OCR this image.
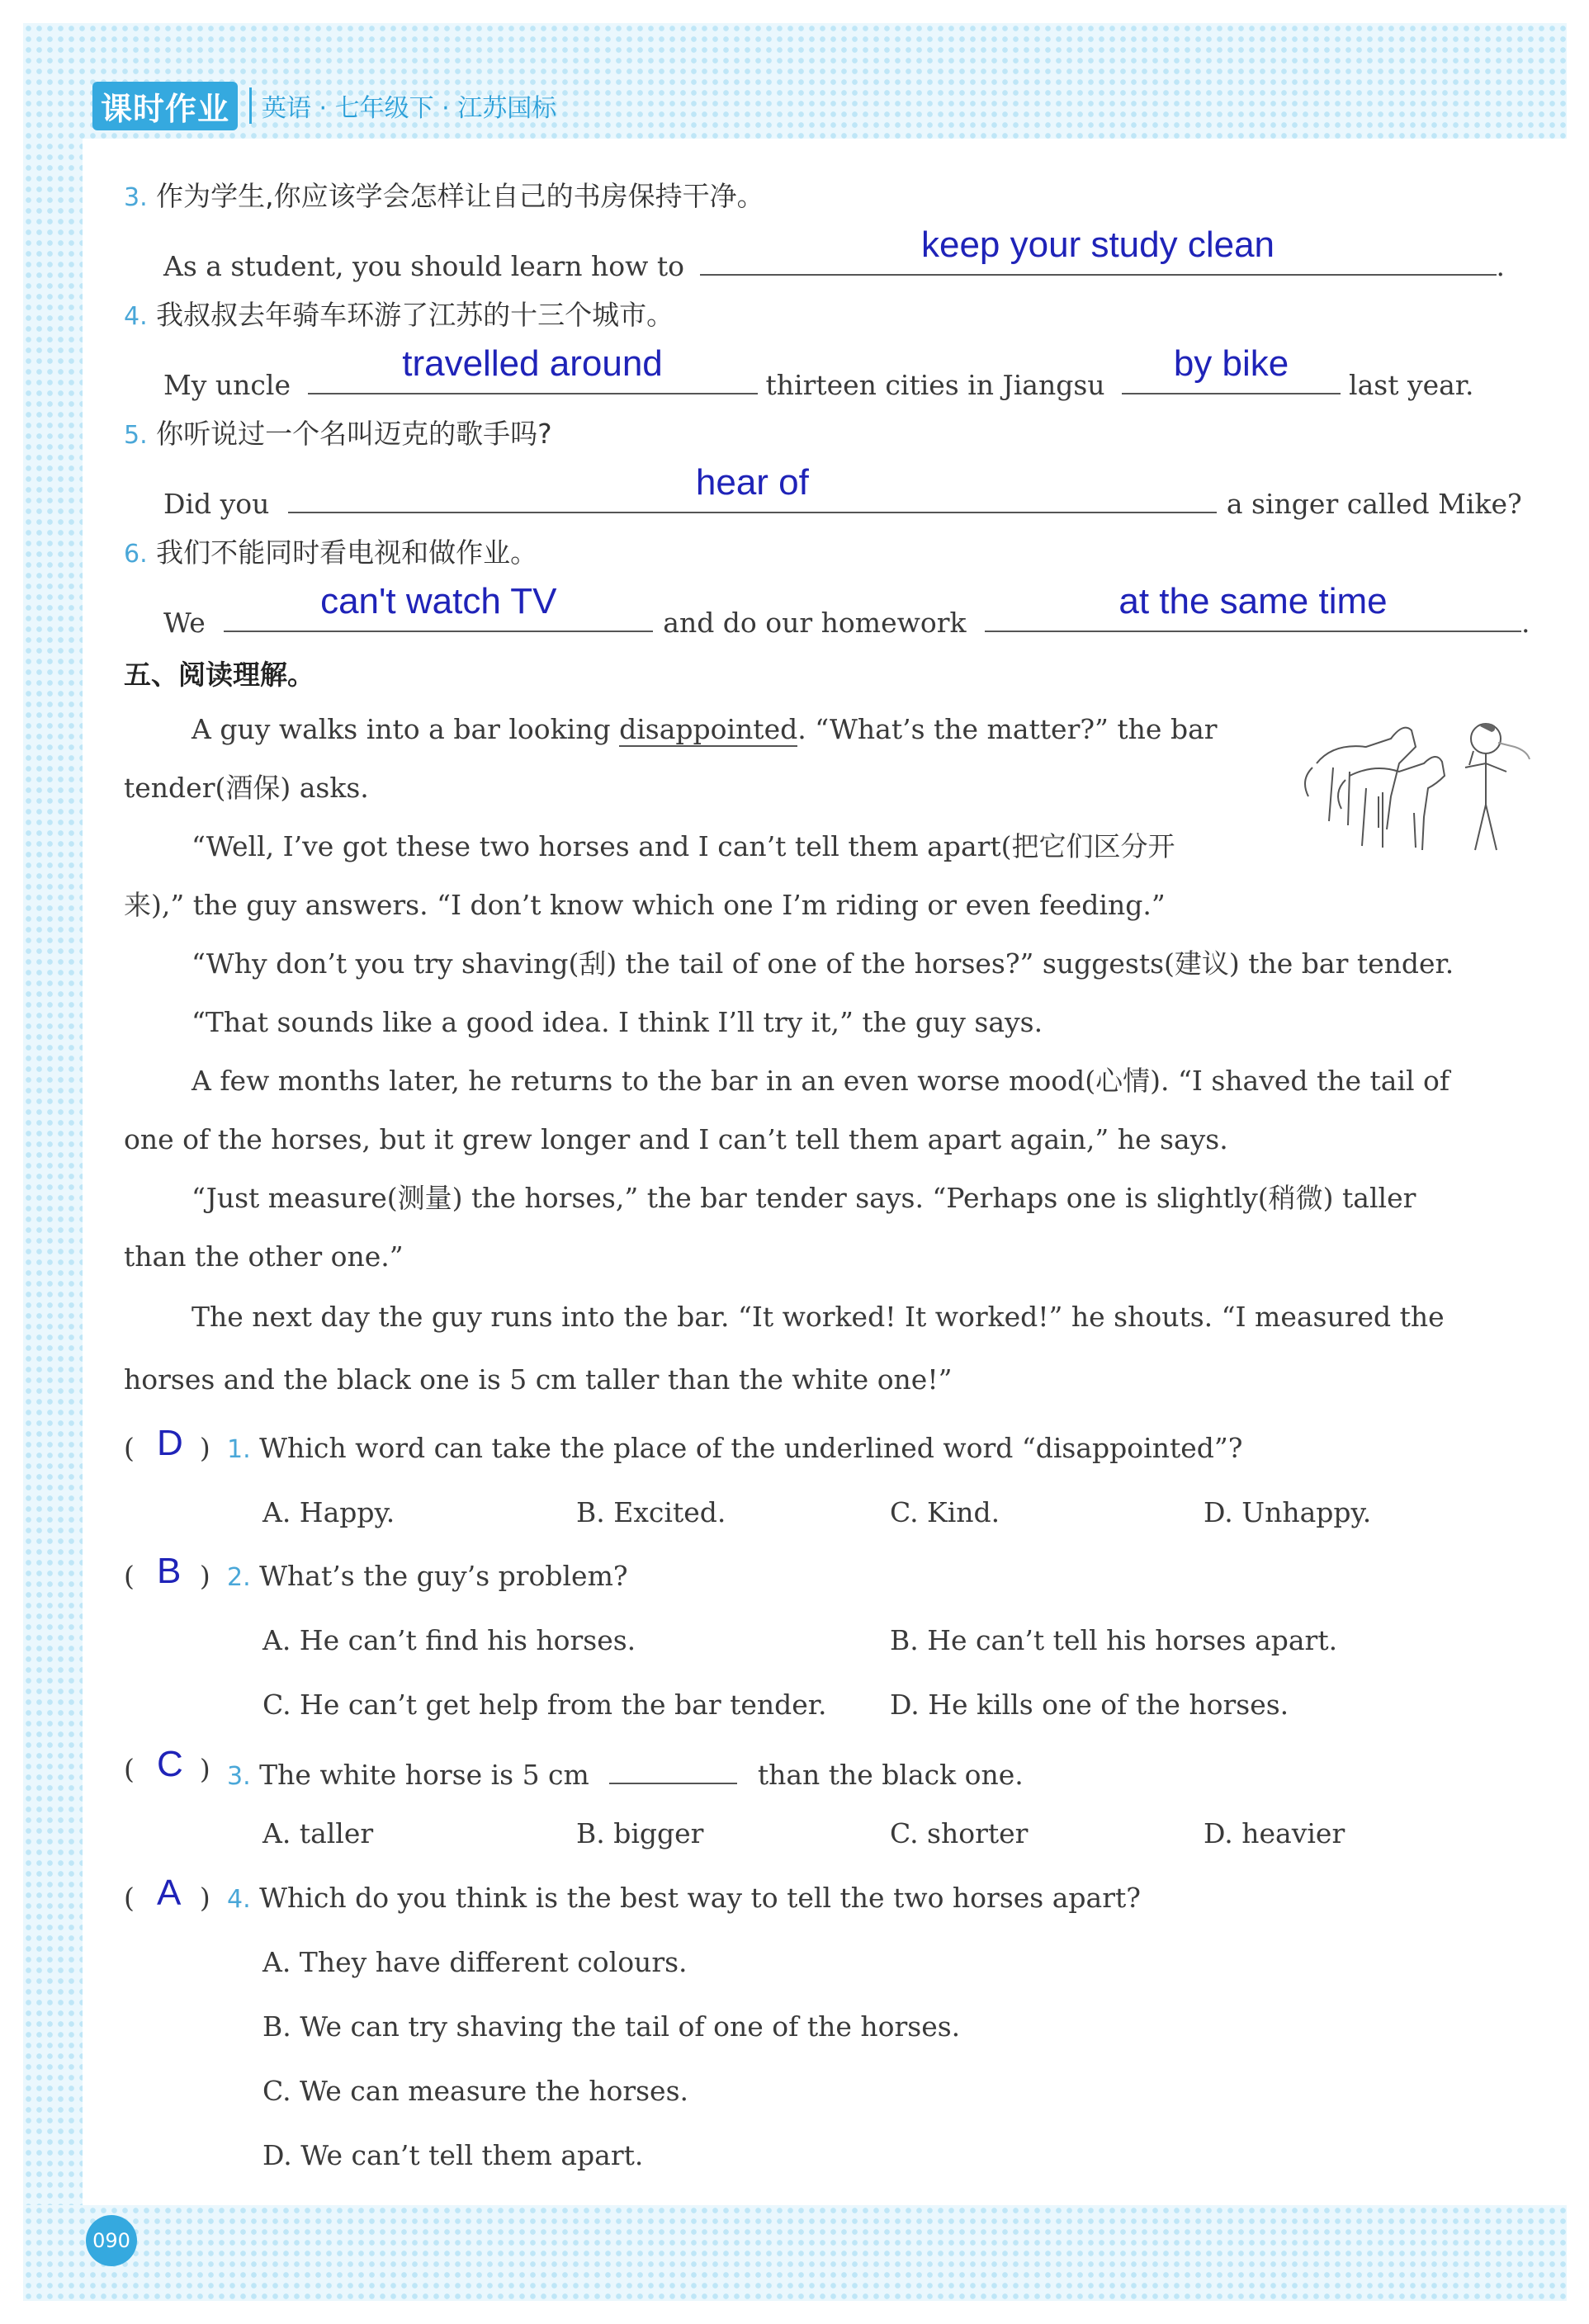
课时作业	英语 · 七年级下 · 江苏国标
3. 作为学生,你应该学会怎样让自己的书房保持干净。
As a student, you should learn how to
keep your study clean
.
4. 我叔叔去年骑车环游了江苏的十三个城市。
My uncle
travelled around
thirteen cities in Jiangsu
by bike
last year.
5. 你听说过一个名叫迈克的歌手吗?
Did you
hear of
a singer called Mike?
6. 我们不能同时看电视和做作业。
We
can't watch TV
and do our homework
at the same time
.
五、阅读理解。
A guy walks into a bar looking disappointed. “What’s the matter?” the bar
tender(酒保) asks.
“Well, I’ve got these two horses and I can’t tell them apart(把它们区分开
来),” the guy answers. “I don’t know which one I’m riding or even feeding.”
“Why don’t you try shaving(刮) the tail of one of the horses?” suggests(建议) the bar tender.
“That sounds like a good idea. I think I’ll try it,” the guy says.
A few months later, he returns to the bar in an even worse mood(心情). “I shaved the tail of
one of the horses, but it grew longer and I can’t tell them apart again,” he says.
“Just measure(测量) the horses,” the bar tender says. “Perhaps one is slightly(稍微) taller
than the other one.”
The next day the guy runs into the bar. “It worked! It worked!” he shouts. “I measured the
horses and the black one is 5 cm taller than the white one!”
( )
D 1. Which word can take the place of the underlined word “disappointed”?
A. Happy.	B. Excited.	C. Kind.	D. Unhappy.
( )
B 2. What’s the guy’s problem?
A. He can’t find his horses.	B. He can’t tell his horses apart.
C. He can’t get help from the bar tender. D. He kills one of the horses.
( )
C 3. The white horse is 5 cm	than the black one.
A. taller	B. bigger	C. shorter	D. heavier
( )
A 4. Which do you think is the best way to tell the two horses apart?
A. They have different colours.
B. We can try shaving the tail of one of the horses.
C. We can measure the horses.
D. We can’t tell them apart.
090
